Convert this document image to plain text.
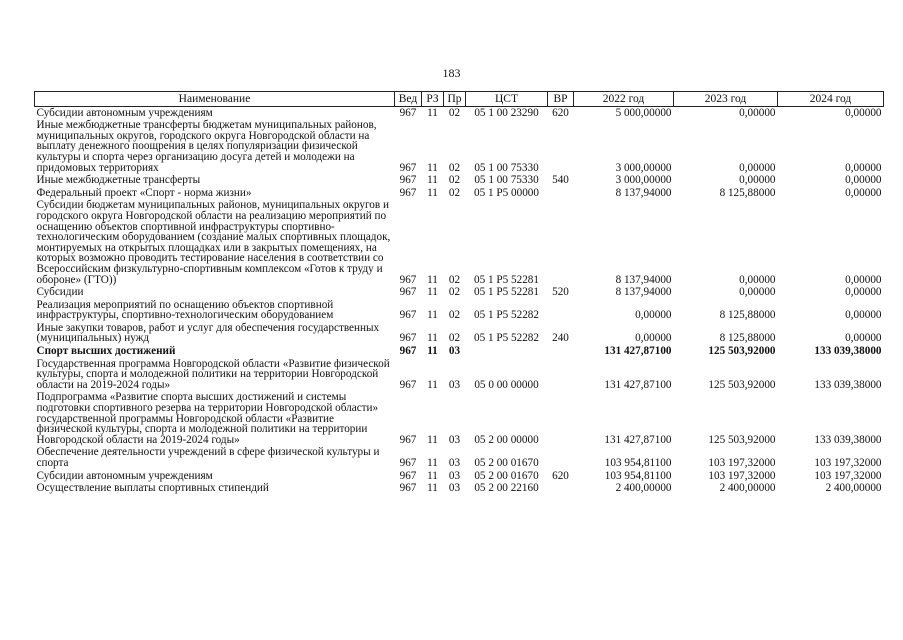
183
Наименование	Вед	РЗ	Пр	ЦСТ	ВР	2022 год	2023 год	2024 год
Субсидии автономным учреждениям	967	11	02	05 1 00 23290	620	5 000,00000	0,00000	0,00000
Иные межбюджетные трансферты бюджетам муниципальных районов, муниципальных округов, городского округа Новгородской области на выплату денежного поощрения в целях популяризации физической культуры и спорта через организацию досуга детей и молодежи на придомовых территориях	967	11	02	05 1 00 75330		3 000,00000	0,00000	0,00000
Иные межбюджетные трансферты	967	11	02	05 1 00 75330	540	3 000,00000	0,00000	0,00000
Федеральный проект «Спорт - норма жизни»	967	11	02	05 1 P5 00000		8 137,94000	8 125,88000	0,00000
Субсидии бюджетам муниципальных районов, муниципальных округов и городского округа Новгородской области на реализацию мероприятий по оснащению объектов спортивной инфраструктуры спортивно-технологическим оборудованием (создание малых спортивных площадок, монтируемых на открытых площадках или в закрытых помещениях, на которых возможно проводить тестирование населения в соответствии со Всероссийским физкультурно-спортивным комплексом «Готов к труду и обороне» (ГТО))	967	11	02	05 1 P5 52281		8 137,94000	0,00000	0,00000
Субсидии	967	11	02	05 1 P5 52281	520	8 137,94000	0,00000	0,00000
Реализация мероприятий по оснащению объектов спортивной инфраструктуры, спортивно-технологическим оборудованием	967	11	02	05 1 P5 52282		0,00000	8 125,88000	0,00000
Иные закупки товаров, работ и услуг для обеспечения государственных (муниципальных) нужд	967	11	02	05 1 P5 52282	240	0,00000	8 125,88000	0,00000
Спорт высших достижений	967	11	03			131 427,87100	125 503,92000	133 039,38000
Государственная программа Новгородской области «Развитие физической культуры, спорта и молодежной политики на территории Новгородской области на 2019-2024 годы»	967	11	03	05 0 00 00000		131 427,87100	125 503,92000	133 039,38000
Подпрограмма «Развитие спорта высших достижений и системы подготовки спортивного резерва на территории Новгородской области» государственной программы Новгородской области «Развитие физической культуры, спорта и молодежной политики на территории Новгородской области на 2019-2024 годы»	967	11	03	05 2 00 00000		131 427,87100	125 503,92000	133 039,38000
Обеспечение деятельности учреждений в сфере физической культуры и спорта	967	11	03	05 2 00 01670		103 954,81100	103 197,32000	103 197,32000
Субсидии автономным учреждениям	967	11	03	05 2 00 01670	620	103 954,81100	103 197,32000	103 197,32000
Осуществление выплаты спортивных стипендий	967	11	03	05 2 00 22160		2 400,00000	2 400,00000	2 400,00000
